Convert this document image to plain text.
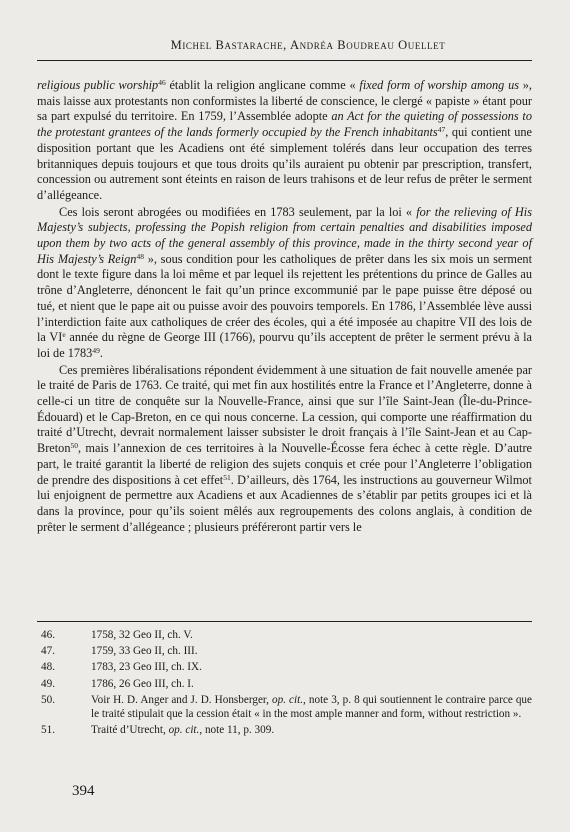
Michel Bastarache, Andréa Boudreau Ouellet

religious public worship$^{46}$ établit la religion anglicane comme « fixed form of worship among us », mais laisse aux protestants non conformistes la liberté de conscience, le clergé « papiste » étant pour sa part expulsé du territoire. En 1759, l’Assemblée adopte an Act for the quieting of possessions to the protestant grantees of the lands formerly occupied by the French inhabitants$^{47}$, qui contient une disposition portant que les Acadiens ont été simplement tolérés dans leur occupation des terres britanniques depuis toujours et que tous droits qu’ils auraient pu obtenir par prescription, transfert, concession ou autrement sont éteints en raison de leurs trahisons et de leur refus de prêter le serment d’allégeance.

Ces lois seront abrogées ou modifiées en 1783 seulement, par la loi « for the relieving of His Majesty’s subjects, professing the Popish religion from certain penalties and disabilities imposed upon them by two acts of the general assembly of this province, made in the thirty second year of His Majesty’s Reign$^{48}$ », sous condition pour les catholiques de prêter dans les six mois un serment dont le texte figure dans la loi même et par lequel ils rejettent les prétentions du prince de Galles au trône d’Angleterre, dénoncent le fait qu’un prince excommunié par le pape puisse être déposé ou tué, et nient que le pape ait ou puisse avoir des pouvoirs temporels. En 1786, l’Assemblée lève aussi l’interdiction faite aux catholiques de créer des écoles, qui a été imposée au chapitre VII des lois de la VIe année du règne de George III (1766), pourvu qu’ils acceptent de prêter le serment prévu à la loi de 1783$^{49}$.

Ces premières libéralisations répondent évidemment à une situation de fait nouvelle amenée par le traité de Paris de 1763. Ce traité, qui met fin aux hostilités entre la France et l’Angleterre, donne à celle-ci un titre de conquête sur la Nouvelle-France, ainsi que sur l’île Saint-Jean (Île-du-Prince-Édouard) et le Cap-Breton, en ce qui nous concerne. La cession, qui comporte une réaffirmation du traité d’Utrecht, devrait normalement laisser subsister le droit français à l’île Saint-Jean et au Cap-Breton$^{50}$, mais l’annexion de ces territoires à la Nouvelle-Écosse fera échec à cette règle. D’autre part, le traité garantit la liberté de religion des sujets conquis et crée pour l’Angleterre l’obligation de prendre des dispositions à cet effet$^{51}$. D’ailleurs, dès 1764, les instructions au gouverneur Wilmot lui enjoignent de permettre aux Acadiens et aux Acadiennes de s’établir par petits groupes ici et là dans la province, pour qu’ils soient mêlés aux regroupements des colons anglais, à condition de prêter le serment d’allégeance ; plusieurs préféreront partir vers le

46.	1758, 32 Geo II, ch. V.
47.	1759, 33 Geo II, ch. III.
48.	1783, 23 Geo III, ch. IX.
49.	1786, 26 Geo III, ch. I.
50.	Voir H. D. Anger and J. D. Honsberger, op. cit., note 3, p. 8 qui soutiennent le contraire parce que le traité stipulait que la cession était « in the most ample manner and form, without restriction ».
51.	Traité d’Utrecht, op. cit., note 11, p. 309.
394
